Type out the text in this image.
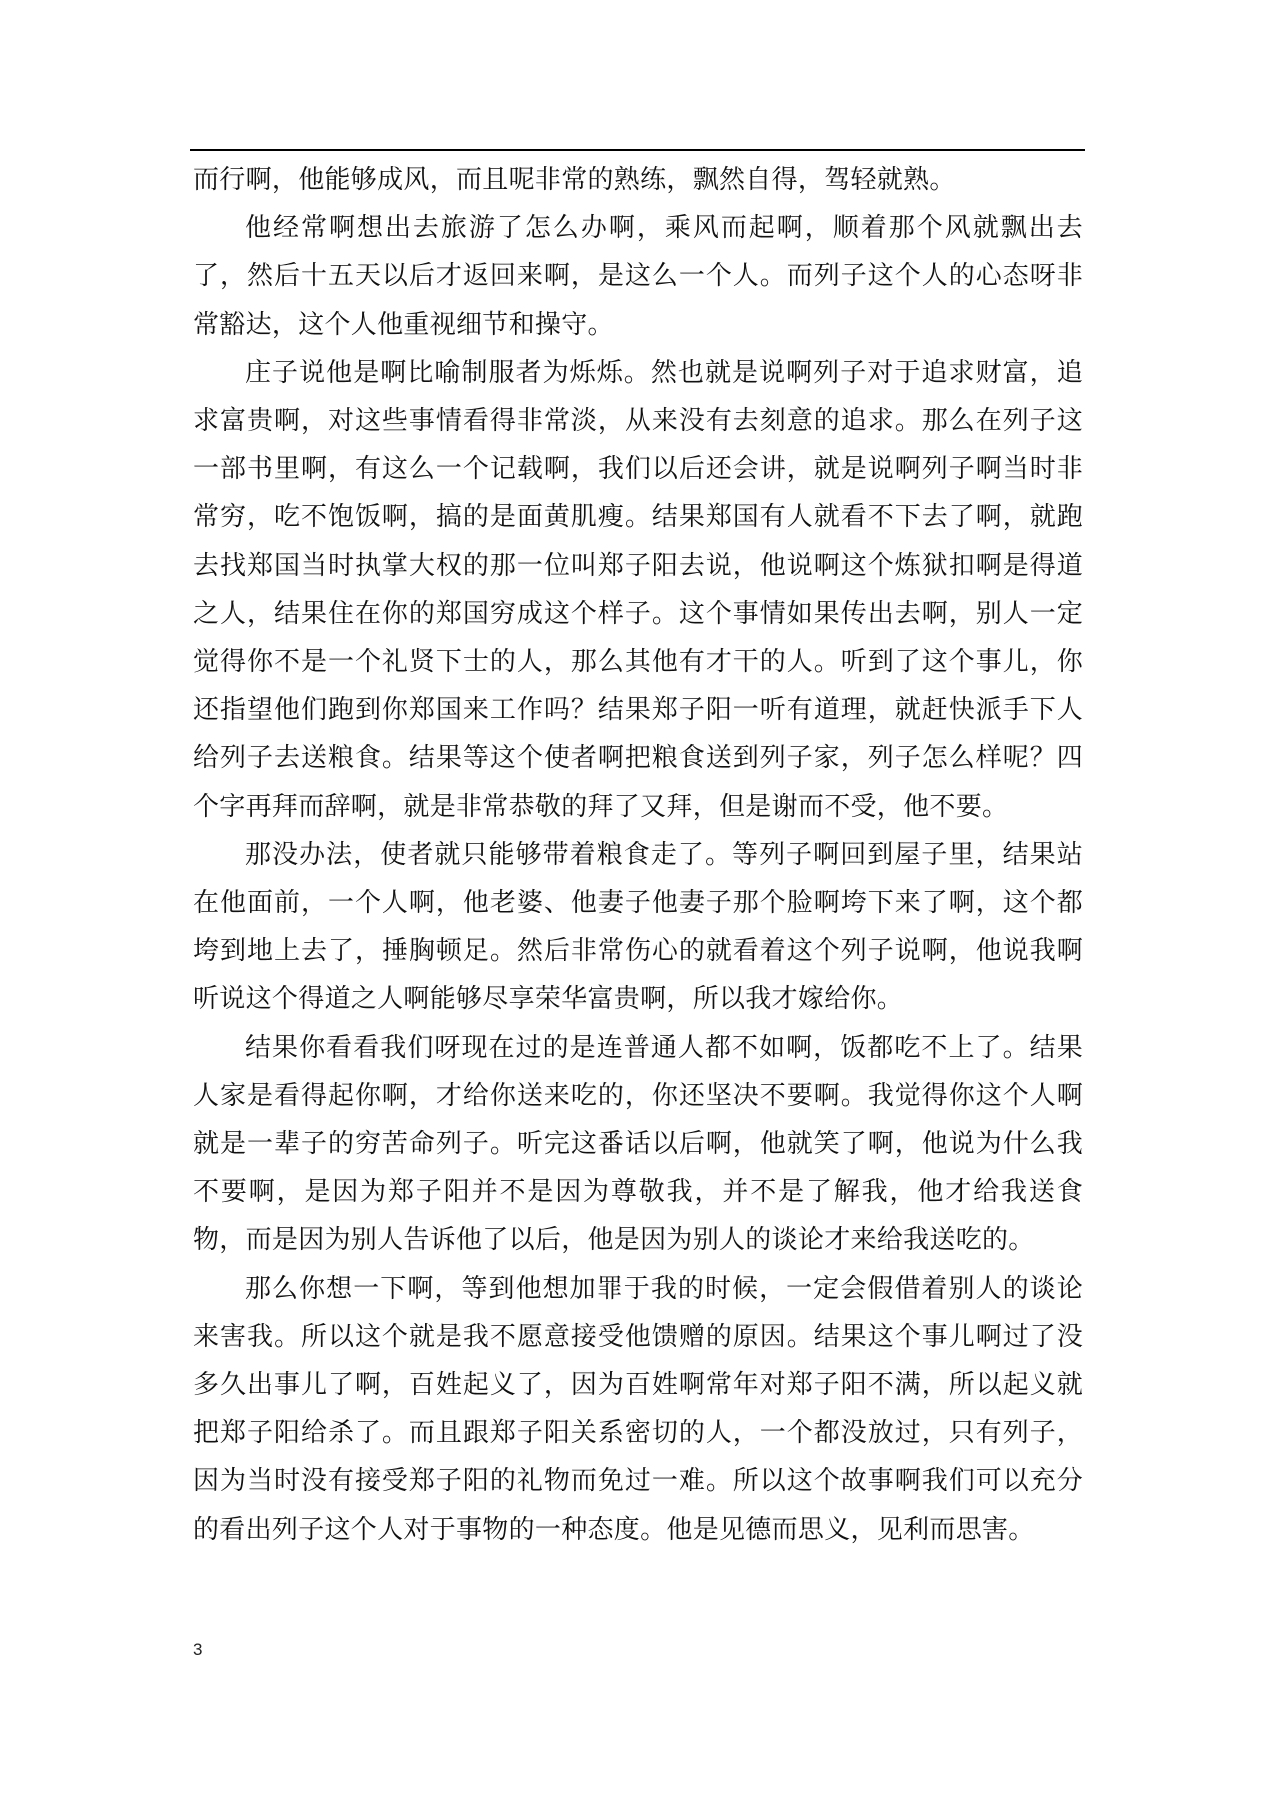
而行啊，他能够成风，而且呢非常的熟练，飘然自得，驾轻就熟。

他经常啊想出去旅游了怎么办啊，乘风而起啊，顺着那个风就飘出去了，然后十五天以后才返回来啊，是这么一个人。而列子这个人的心态呀非常豁达，这个人他重视细节和操守。

庄子说他是啊比喻制服者为烁烁。然也就是说啊列子对于追求财富，追求富贵啊，对这些事情看得非常淡，从来没有去刻意的追求。那么在列子这一部书里啊，有这么一个记载啊，我们以后还会讲，就是说啊列子啊当时非常穷，吃不饱饭啊，搞的是面黄肌瘦。结果郑国有人就看不下去了啊，就跑去找郑国当时执掌大权的那一位叫郑子阳去说，他说啊这个炼狱扣啊是得道之人，结果住在你的郑国穷成这个样子。这个事情如果传出去啊，别人一定觉得你不是一个礼贤下士的人，那么其他有才干的人。听到了这个事儿，你还指望他们跑到你郑国来工作吗？结果郑子阳一听有道理，就赶快派手下人给列子去送粮食。结果等这个使者啊把粮食送到列子家，列子怎么样呢？四个字再拜而辞啊，就是非常恭敬的拜了又拜，但是谢而不受，他不要。

那没办法，使者就只能够带着粮食走了。等列子啊回到屋子里，结果站在他面前，一个人啊，他老婆、他妻子他妻子那个脸啊垮下来了啊，这个都垮到地上去了，捶胸顿足。然后非常伤心的就看着这个列子说啊，他说我啊听说这个得道之人啊能够尽享荣华富贵啊，所以我才嫁给你。

结果你看看我们呀现在过的是连普通人都不如啊，饭都吃不上了。结果人家是看得起你啊，才给你送来吃的，你还坚决不要啊。我觉得你这个人啊就是一辈子的穷苦命列子。听完这番话以后啊，他就笑了啊，他说为什么我不要啊，是因为郑子阳并不是因为尊敬我，并不是了解我，他才给我送食物，而是因为别人告诉他了以后，他是因为别人的谈论才来给我送吃的。

那么你想一下啊，等到他想加罪于我的时候，一定会假借着别人的谈论来害我。所以这个就是我不愿意接受他馈赠的原因。结果这个事儿啊过了没多久出事儿了啊，百姓起义了，因为百姓啊常年对郑子阳不满，所以起义就把郑子阳给杀了。而且跟郑子阳关系密切的人，一个都没放过，只有列子，因为当时没有接受郑子阳的礼物而免过一难。所以这个故事啊我们可以充分的看出列子这个人对于事物的一种态度。他是见德而思义，见利而思害。

3
